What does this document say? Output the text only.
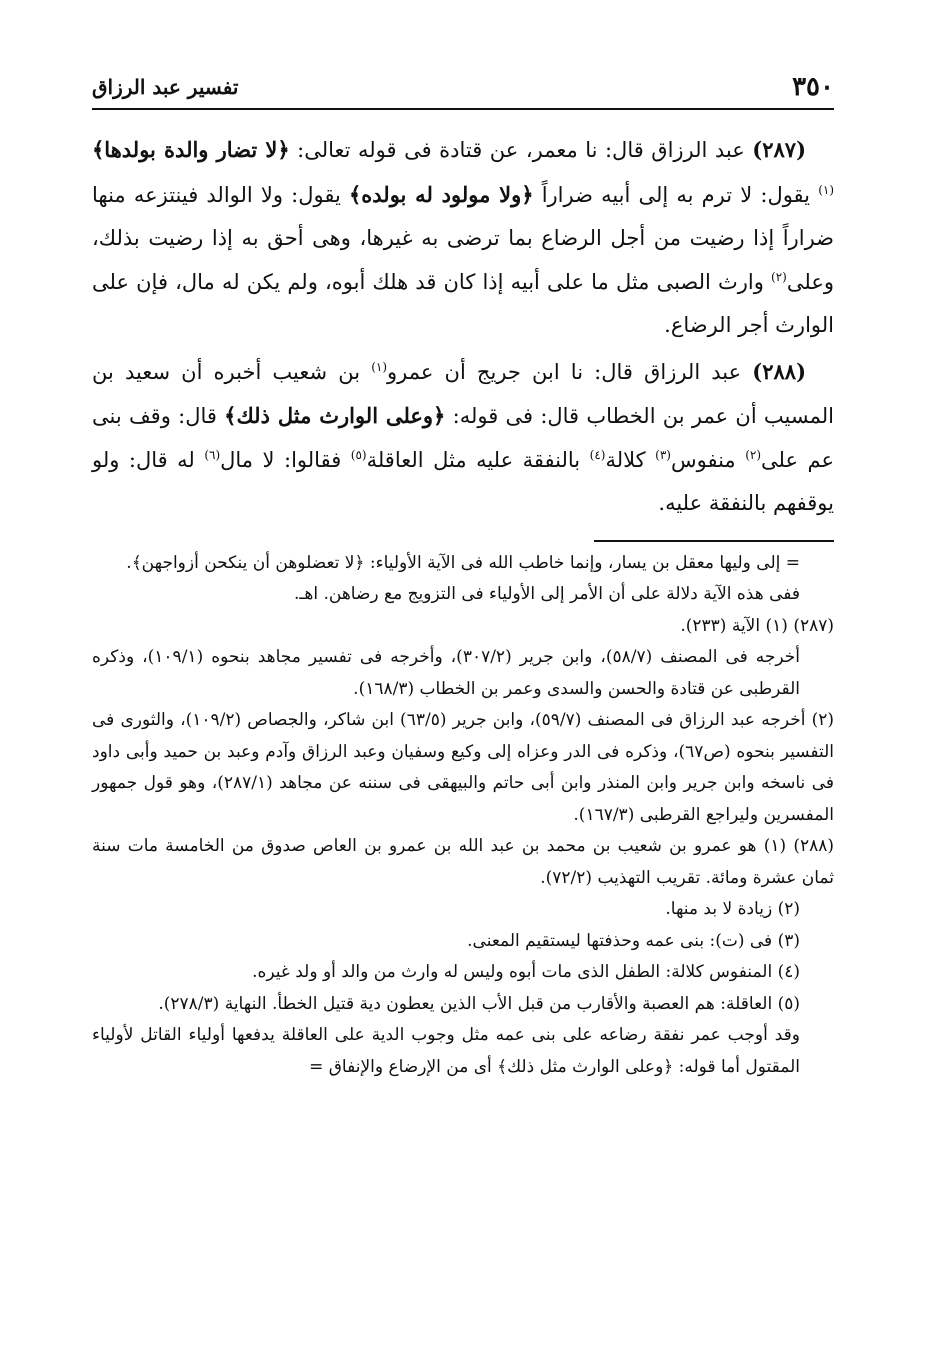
٣٥٠
تفسير عبد الرزاق

(٢٨٧) عبد الرزاق قال: نا معمر، عن قتادة فى قوله تعالى: ﴿لا تضار والدة بولدها﴾$^{(١)}$ يقول: لا ترم به إلى أبيه ضراراً ﴿ولا مولود له بولده﴾ يقول: ولا الوالد فينتزعه منها ضراراً إذا رضيت من أجل الرضاع بما ترضى به غيرها، وهى أحق به إذا رضيت بذلك، وعلى$^{(٢)}$ وارث الصبى مثل ما على أبيه إذا كان قد هلك أبوه، ولم يكن له مال، فإن على الوارث أجر الرضاع.

(٢٨٨) عبد الرزاق قال: نا ابن جريج أن عمرو$^{(١)}$ بن شعيب أخبره أن سعيد بن المسيب أن عمر بن الخطاب قال: فى قوله: ﴿وعلى الوارث مثل ذلك﴾ قال: وقف بنى عم على$^{(٢)}$ منفوس$^{(٣)}$ كلالة$^{(٤)}$ بالنفقة عليه مثل العاقلة$^{(٥)}$ فقالوا: لا مال$^{(٦)}$ له قال: ولو يوقفهم بالنفقة عليه.

= إلى وليها معقل بن يسار، وإنما خاطب الله فى الآية الأولياء: ﴿لا تعضلوهن أن ينكحن أزواجهن﴾.

ففى هذه الآية دلالة على أن الأمر إلى الأولياء فى التزويج مع رضاهن. اهـ.

(٢٨٧) (١) الآية (٢٣٣).

أخرجه فى المصنف (٥٨/٧)، وابن جرير (٣٠٧/٢)، وأخرجه فى تفسير مجاهد بنحوه (١٠٩/١)، وذكره القرطبى عن قتادة والحسن والسدى وعمر بن الخطاب (١٦٨/٣).

(٢) أخرجه عبد الرزاق فى المصنف (٥٩/٧)، وابن جرير (٦٣/٥) ابن شاكر، والجصاص (١٠٩/٢)، والثورى فى التفسير بنحوه (ص٦٧)، وذكره فى الدر وعزاه إلى وكيع وسفيان وعبد الرزاق وآدم وعبد بن حميد وأبى داود فى ناسخه وابن جرير وابن المنذر وابن أبى حاتم والبيهقى فى سننه عن مجاهد (٢٨٧/١)، وهو قول جمهور المفسرين وليراجع القرطبى (١٦٧/٣).

(٢٨٨) (١) هو عمرو بن شعيب بن محمد بن عبد الله بن عمرو بن العاص صدوق من الخامسة مات سنة ثمان عشرة ومائة. تقريب التهذيب (٧٢/٢).

(٢) زيادة لا بد منها.

(٣) فى (ت): بنى عمه وحذفتها ليستقيم المعنى.

(٤) المنفوس كلالة: الطفل الذى مات أبوه وليس له وارث من والد أو ولد غيره.

(٥) العاقلة: هم العصبة والأقارب من قبل الأب الذين يعطون دية قتيل الخطأ. النهاية (٢٧٨/٣).

وقد أوجب عمر نفقة رضاعه على بنى عمه مثل وجوب الدية على العاقلة يدفعها أولياء القاتل لأولياء المقتول أما قوله: ﴿وعلى الوارث مثل ذلك﴾ أى من الإرضاع والإنفاق =
